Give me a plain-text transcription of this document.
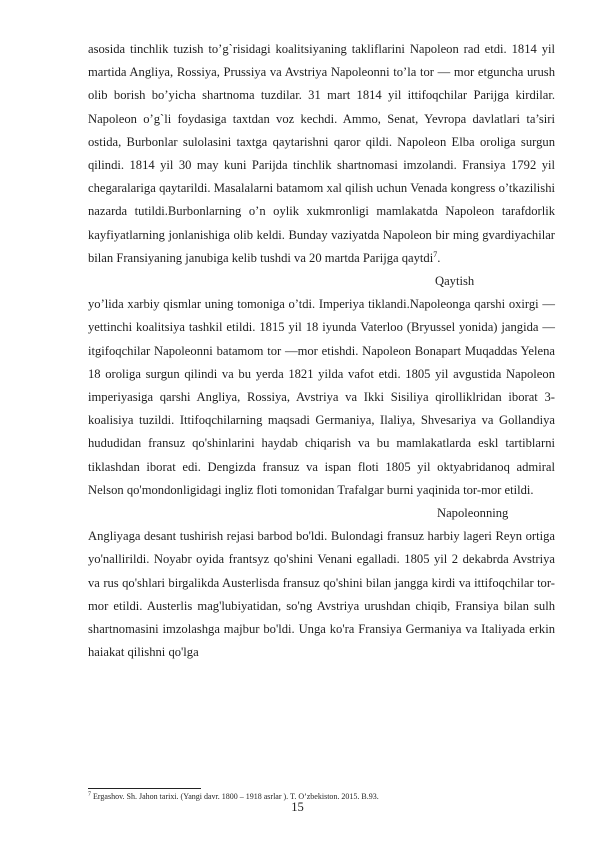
asosida tinchlik tuzish to’g`risidagi koalitsiyaning takliflarini Napoleon rad etdi. 1814 yil martida Angliya, Rossiya, Prussiya va Avstriya Napoleonni to’la tor — mor etguncha urush olib borish bo’yicha shartnoma tuzdilar. 31 mart 1814 yil ittifoqchilar Parijga kirdilar. Napoleon o’g`li foydasiga taxtdan voz kechdi. Ammo, Senat, Yevropa davlatlari ta’siri ostida, Burbonlar sulolasini taxtga qaytarishni qaror qildi. Napoleon Elba oroliga surgun qilindi. 1814 yil 30 may kuni Parijda tinchlik shartnomasi imzolandi. Fransiya 1792 yil chegaralariga qaytarildi. Masalalarni batamom xal qilish uchun Venada kongress o’tkazilishi nazarda tutildi.Burbonlarning o’n oylik xukmronligi mamlakatda Napoleon tarafdorlik kayfiyatlarning jonlanishiga olib keldi. Bunday vaziyatda Napoleon bir ming gvardiyachilar bilan Fransiyaning janubiga kelib tushdi va 20 martda Parijga qaytdi$^7$.
Qaytish

yo’lida xarbiy qismlar uning tomoniga o’tdi. Imperiya tiklandi.Napoleonga qarshi oxirgi — yettinchi koalitsiya tashkil etildi. 1815 yil 18 iyunda Vaterloo (Bryussel yonida) jangida — itgifoqchilar Napoleonni batamom tor —mor etishdi. Napoleon Bonapart Muqaddas Yelena 18 oroliga surgun qilindi va bu yerda 1821 yilda vafot etdi. 1805 yil avgustida Napoleon imperiyasiga qarshi Angliya, Rossiya, Avstriya va Ikki Sisiliya qirolliklridan iborat 3-koalisiya tuzildi. Ittifoqchilarning maqsadi Germaniya, Ilaliya, Shvesariya va Gollandiya hududidan fransuz qo'shinlarini haydab chiqarish va bu mamlakatlarda eskl tartiblarni tiklashdan iborat edi. Dengizda fransuz va ispan floti 1805 yil oktyabridanoq admiral Nelson qo'mondonligidagi ingliz floti tomonidan Trafalgar burni yaqinida tor-mor etildi.

Napoleonning

Angliyaga desant tushirish rejasi barbod bo'ldi. Bulondagi fransuz harbiy lageri Reyn ortiga yo'nallirildi. Noyabr oyida frantsyz qo'shini Venani egalladi. 1805 yil 2 dekabrda Avstriya va rus qo'shlari birgalikda Austerlisda fransuz qo'shini bilan jangga kirdi va ittifoqchilar tor-mor etildi. Austerlis mag'lubiyatidan, so'ng Avstriya urushdan chiqib, Fransiya bilan sulh shartnomasini imzolashga majbur bo'ldi. Unga ko'ra Fransiya Germaniya va Italiyada erkin haiakat qilishni qo'lga

$^7$ Ergashov. Sh. Jahon tarixi. (Yangi davr. 1800 – 1918 asrlar ). T. O’zbekiston. 2015. B.93.
15
